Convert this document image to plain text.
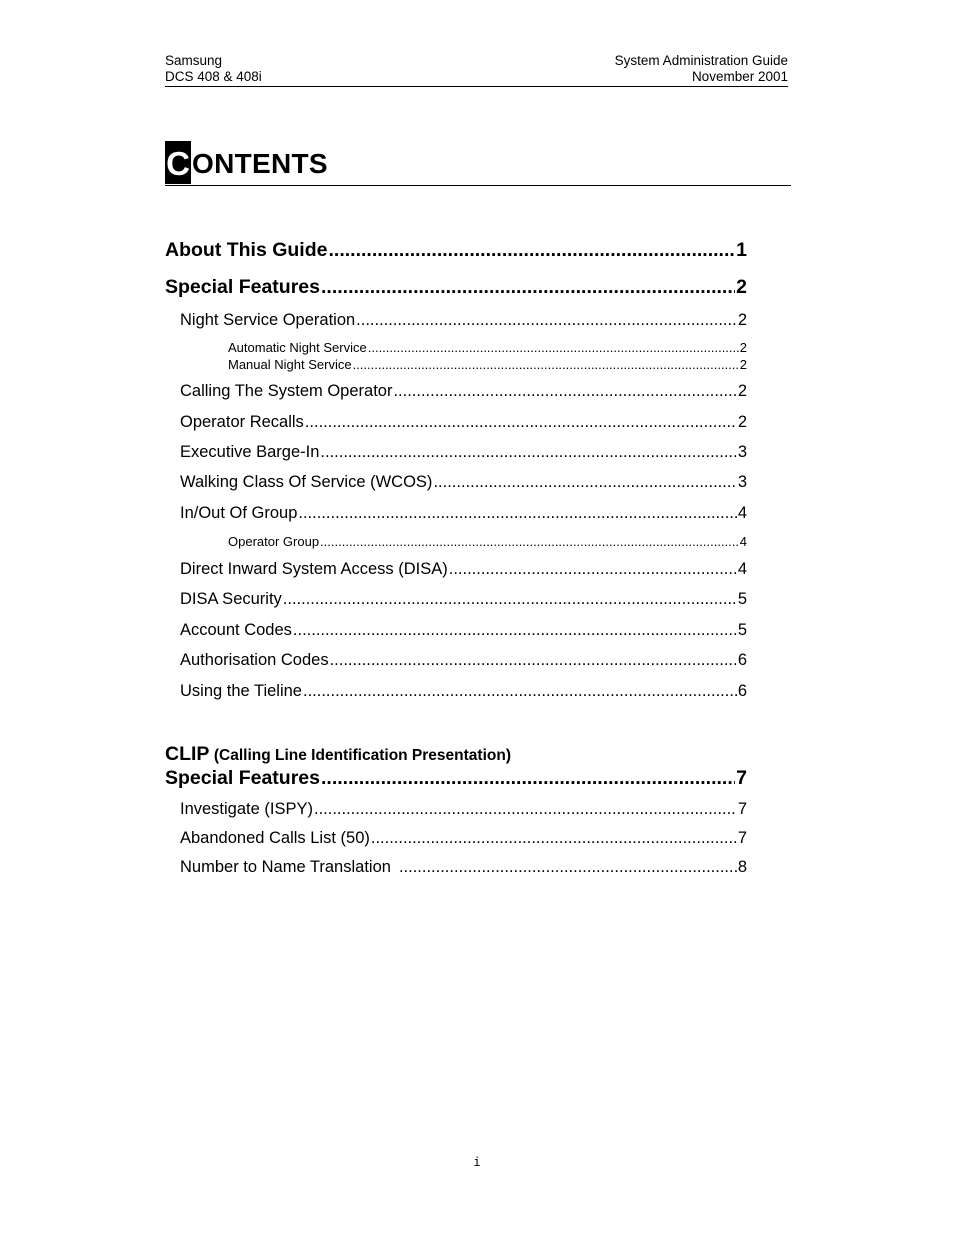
Samsung
DCS 408 & 408i
System Administration Guide
November 2001
C ONTENTS
About This Guide .....	1
Special Features .....	2
Night Service Operation .....	2
Automatic Night Service .....	2
Manual Night Service .....	2
Calling The System Operator .....	2
Operator Recalls .....	2
Executive Barge-In .....	3
Walking Class Of Service (WCOS) .....	3
In/Out Of Group .....	4
Operator Group .....	4
Direct Inward System Access (DISA) .....	4
DISA Security .....	5
Account Codes .....	5
Authorisation Codes .....	6
Using the Tieline .....	6
CLIP (Calling Line Identification Presentation)
Special Features .....	7
Investigate (ISPY) .....	7
Abandoned Calls List (50) .....	7
Number to Name Translation .....	8
i
